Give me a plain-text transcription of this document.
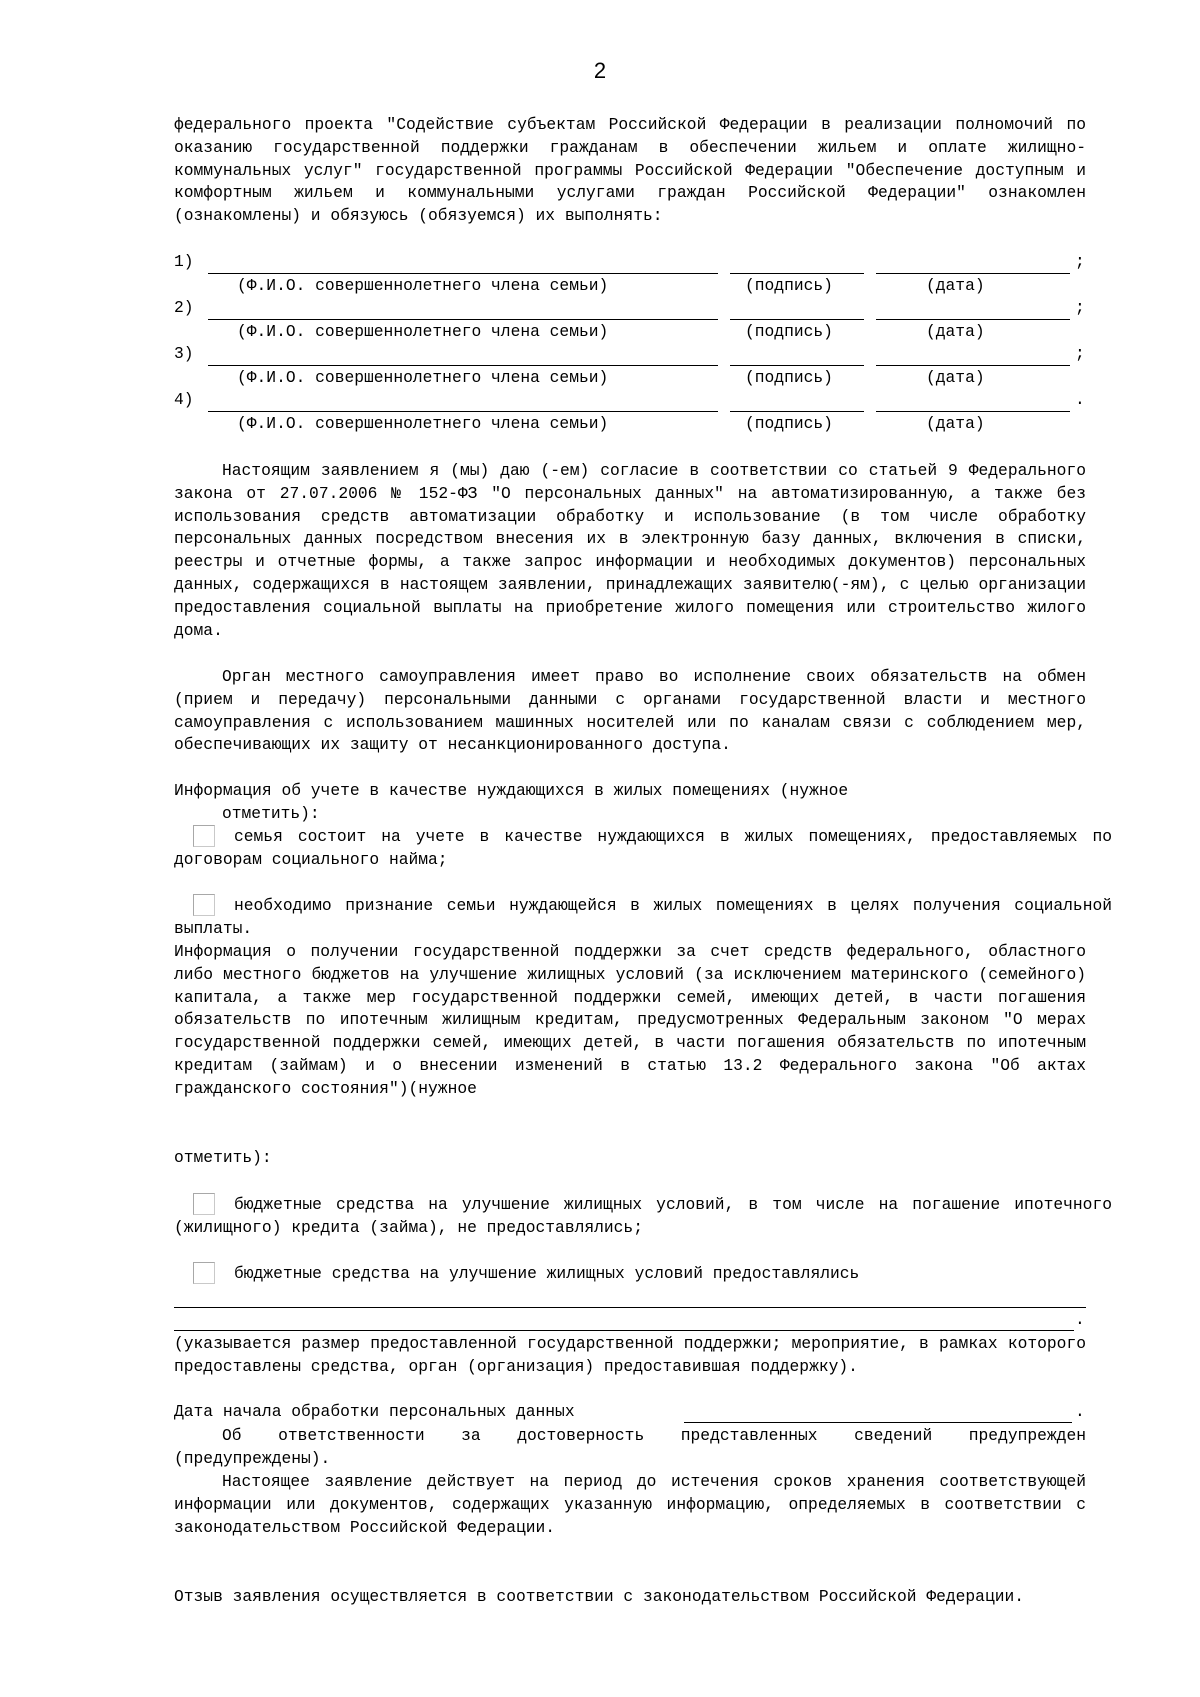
2

федерального проекта "Содействие субъектам Российской Федерации в реализации полномочий по оказанию государственной поддержки гражданам в обеспечении жильем и оплате жилищно-коммунальных услуг" государственной программы Российской Федерации "Обеспечение доступным и комфортным жильем и коммунальными услугами граждан Российской Федерации" ознакомлен (ознакомлены) и обязуюсь (обязуемся) их выполнять:

1)	;
(Ф.И.О. совершеннолетнего члена семьи)	(подпись)	(дата)
2)	;
(Ф.И.О. совершеннолетнего члена семьи)	(подпись)	(дата)
3)	;
(Ф.И.О. совершеннолетнего члена семьи)	(подпись)	(дата)
4)	.
(Ф.И.О. совершеннолетнего члена семьи)	(подпись)	(дата)

Настоящим заявлением я (мы) даю (-ем) согласие в соответствии со статьей 9 Федерального закона от 27.07.2006 № 152-ФЗ "О персональных данных" на автоматизированную, а также без использования средств автоматизации обработку и использование (в том числе обработку персональных данных посредством внесения их в электронную базу данных, включения в списки, реестры и отчетные формы, а также запрос информации и необходимых документов) персональных данных, содержащихся в настоящем заявлении, принадлежащих заявителю(-ям), с целью организации предоставления социальной выплаты на приобретение жилого помещения или строительство жилого дома.

Орган местного самоуправления имеет право во исполнение своих обязательств на обмен (прием и передачу) персональными данными с органами государственной власти и местного самоуправления с использованием машинных носителей или по каналам связи с соблюдением мер, обеспечивающих их защиту от несанкционированного доступа.

Информация об учете в качестве нуждающихся в жилых помещениях (нужное

отметить):

семья состоит на учете в качестве нуждающихся в жилых помещениях, предоставляемых по договорам социального найма;

необходимо признание семьи нуждающейся в жилых помещениях в целях получения социальной выплаты.

Информация о получении государственной поддержки за счет средств федерального, областного либо местного бюджетов на улучшение жилищных условий (за исключением материнского (семейного) капитала, а также мер государственной поддержки семей, имеющих детей, в части погашения обязательств по ипотечным жилищным кредитам, предусмотренных Федеральным законом "О мерах государственной поддержки семей, имеющих детей, в части погашения обязательств по ипотечным кредитам (займам) и о внесении изменений в статью 13.2 Федерального закона "Об актах гражданского состояния")(нужное

отметить):

бюджетные средства на улучшение жилищных условий, в том числе на погашение ипотечного (жилищного) кредита (займа), не предоставлялись;

бюджетные средства на улучшение жилищных условий предоставлялись

.

(указывается размер предоставленной государственной поддержки; мероприятие, в рамках которого предоставлены средства, орган (организация) предоставившая поддержку).

Дата начала обработки персональных данных	.

Об ответственности за достоверность представленных сведений предупрежден (предупреждены).

Настоящее заявление действует на период до истечения сроков хранения соответствующей информации или документов, содержащих указанную информацию, определяемых в соответствии с законодательством Российской Федерации.

Отзыв заявления осуществляется в соответствии с законодательством Российской Федерации.
